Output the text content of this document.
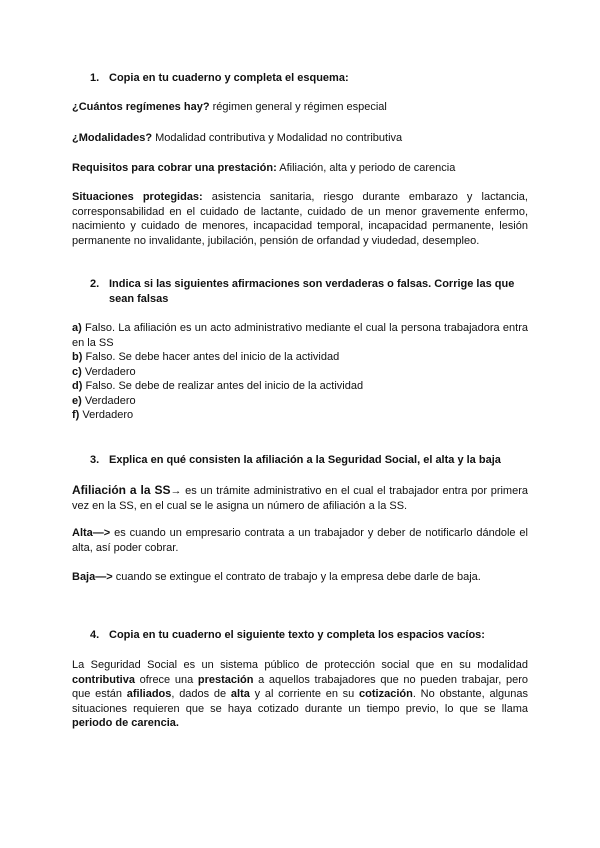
1. Copia en tu cuaderno y completa el esquema:
¿Cuántos regímenes hay? régimen general y régimen especial
¿Modalidades? Modalidad contributiva y Modalidad no contributiva
Requisitos para cobrar una prestación: Afiliación, alta y periodo de carencia
Situaciones protegidas: asistencia sanitaria, riesgo durante embarazo y lactancia, corresponsabilidad en el cuidado de lactante, cuidado de un menor gravemente enfermo, nacimiento y cuidado de menores, incapacidad temporal, incapacidad permanente, lesión permanente no invalidante, jubilación, pensión de orfandad y viudedad, desempleo.
2. Indica si las siguientes afirmaciones son verdaderas o falsas. Corrige las que
sean falsas
a) Falso. La afiliación es un acto administrativo mediante el cual la persona trabajadora entra en la SS
b) Falso. Se debe hacer antes del inicio de la actividad
c) Verdadero
d) Falso. Se debe de realizar antes del inicio de la actividad
e) Verdadero
f) Verdadero
3. Explica en qué consisten la afiliación a la Seguridad Social, el alta y la baja
Afiliación a la SS→ es un trámite administrativo en el cual el trabajador entra por primera vez en la SS, en el cual se le asigna un número de afiliación a la SS.
Alta—> es cuando un empresario contrata a un trabajador y deber de notificarlo dándole el alta, así poder cobrar.
Baja—> cuando se extingue el contrato de trabajo y la empresa debe darle de baja.
4. Copia en tu cuaderno el siguiente texto y completa los espacios vacíos:
La Seguridad Social es un sistema público de protección social que en su modalidad contributiva ofrece una prestación a aquellos trabajadores que no pueden trabajar, pero que están afiliados, dados de alta y al corriente en su cotización. No obstante, algunas situaciones requieren que se haya cotizado durante un tiempo previo, lo que se llama periodo de carencia.
